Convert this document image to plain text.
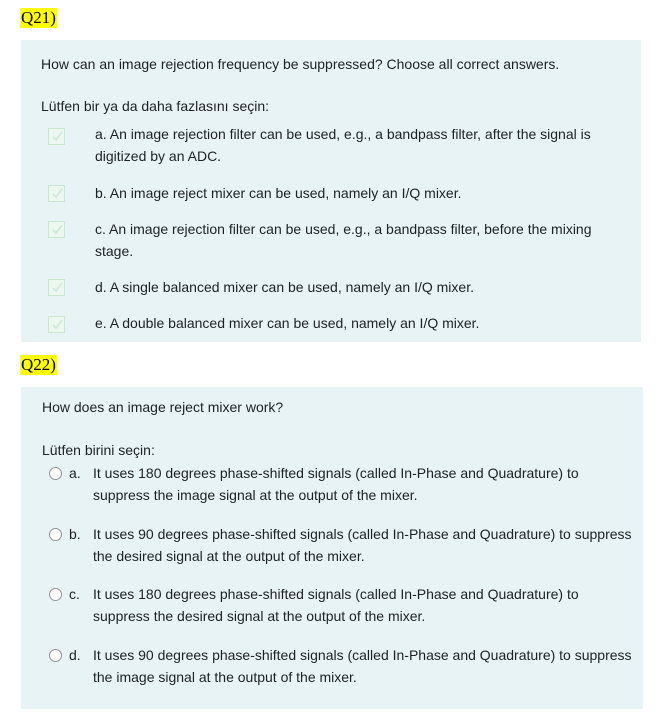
Q21)
How can an image rejection frequency be suppressed? Choose all correct answers.
Lütfen bir ya da daha fazlasını seçin:
a. An image rejection filter can be used, e.g., a bandpass filter, after the signal is digitized by an ADC.
b. An image reject mixer can be used, namely an I/Q mixer.
c. An image rejection filter can be used, e.g., a bandpass filter, before the mixing stage.
d. A single balanced mixer can be used, namely an I/Q mixer.
e. A double balanced mixer can be used, namely an I/Q mixer.
Q22)
How does an image reject mixer work?
Lütfen birini seçin:
a. It uses 180 degrees phase-shifted signals (called In-Phase and Quadrature) to suppress the image signal at the output of the mixer.
b. It uses 90 degrees phase-shifted signals (called In-Phase and Quadrature) to suppress the desired signal at the output of the mixer.
c. It uses 180 degrees phase-shifted signals (called In-Phase and Quadrature) to suppress the desired signal at the output of the mixer.
d. It uses 90 degrees phase-shifted signals (called In-Phase and Quadrature) to suppress the image signal at the output of the mixer.
